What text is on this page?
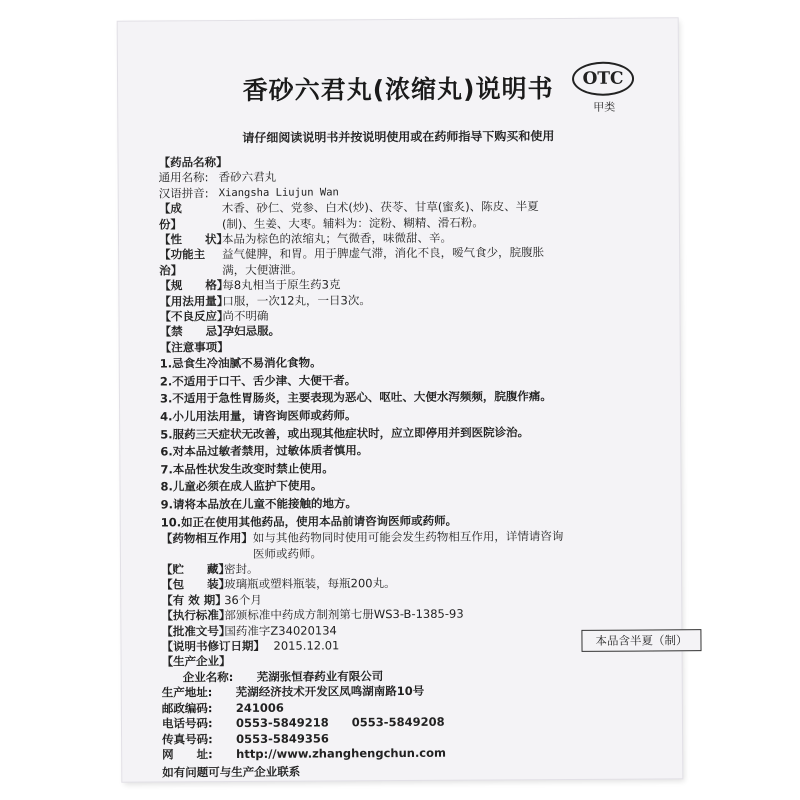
香砂六君丸(浓缩丸)说明书	OTC
甲类
请仔细阅读说明书并按说明使用或在药师指导下购买和使用
【药品名称】
通用名称: 香砂六君丸
汉语拼音: Xiangsha Liujun Wan
【成　　份】
木香、砂仁、党参、白术(炒)、茯苓、甘草(蜜炙)、陈皮、半夏
(制)、生姜、大枣。辅料为：淀粉、糊精、滑石粉。
【性　　状】
本品为棕色的浓缩丸；气微香，味微甜、辛。
【功能主治】
益气健脾，和胃。用于脾虚气滞，消化不良，嗳气食少，脘腹胀
满，大便溏泄。
【规　　格】
每8丸相当于原生药3克
【用法用量】
口服，一次12丸，一日3次。
【不良反应】
尚不明确
【禁　　忌】
孕妇忌服。
【注意事项】
1.忌食生冷油腻不易消化食物。
2.不适用于口干、舌少津、大便干者。
3.不适用于急性胃肠炎，主要表现为恶心、呕吐、大便水泻频频，脘腹作痛。
4.小儿用法用量，请咨询医师或药师。
5.服药三天症状无改善，或出现其他症状时，应立即停用并到医院诊治。
6.对本品过敏者禁用，过敏体质者慎用。
7.本品性状发生改变时禁止使用。
8.儿童必须在成人监护下使用。
9.请将本品放在儿童不能接触的地方。
10.如正在使用其他药品，使用本品前请咨询医师或药师。
【药物相互作用】 如与其他药物同时使用可能会发生药物相互作用，详情请咨询
医师或药师。
【贮　　藏】
密封。
【包　　装】
玻璃瓶或塑料瓶装，每瓶200丸。
【有 效 期】
36个月
【执行标准】
部颁标准中药成方制剂第七册WS3-B-1385-93
【批准文号】
国药准字Z34020134
【说明书修订日期】 2015.12.01
【生产企业】
企业名称:	芜湖张恒春药业有限公司
生产地址:	芜湖经济技术开发区凤鸣湖南路10号
邮政编码:	241006
电话号码:	0553-5849218　　0553-5849208
传真号码:	0553-5849356
网　　址:	http://www.zhanghengchun.com
如有问题可与生产企业联系
本品含半夏（制）
